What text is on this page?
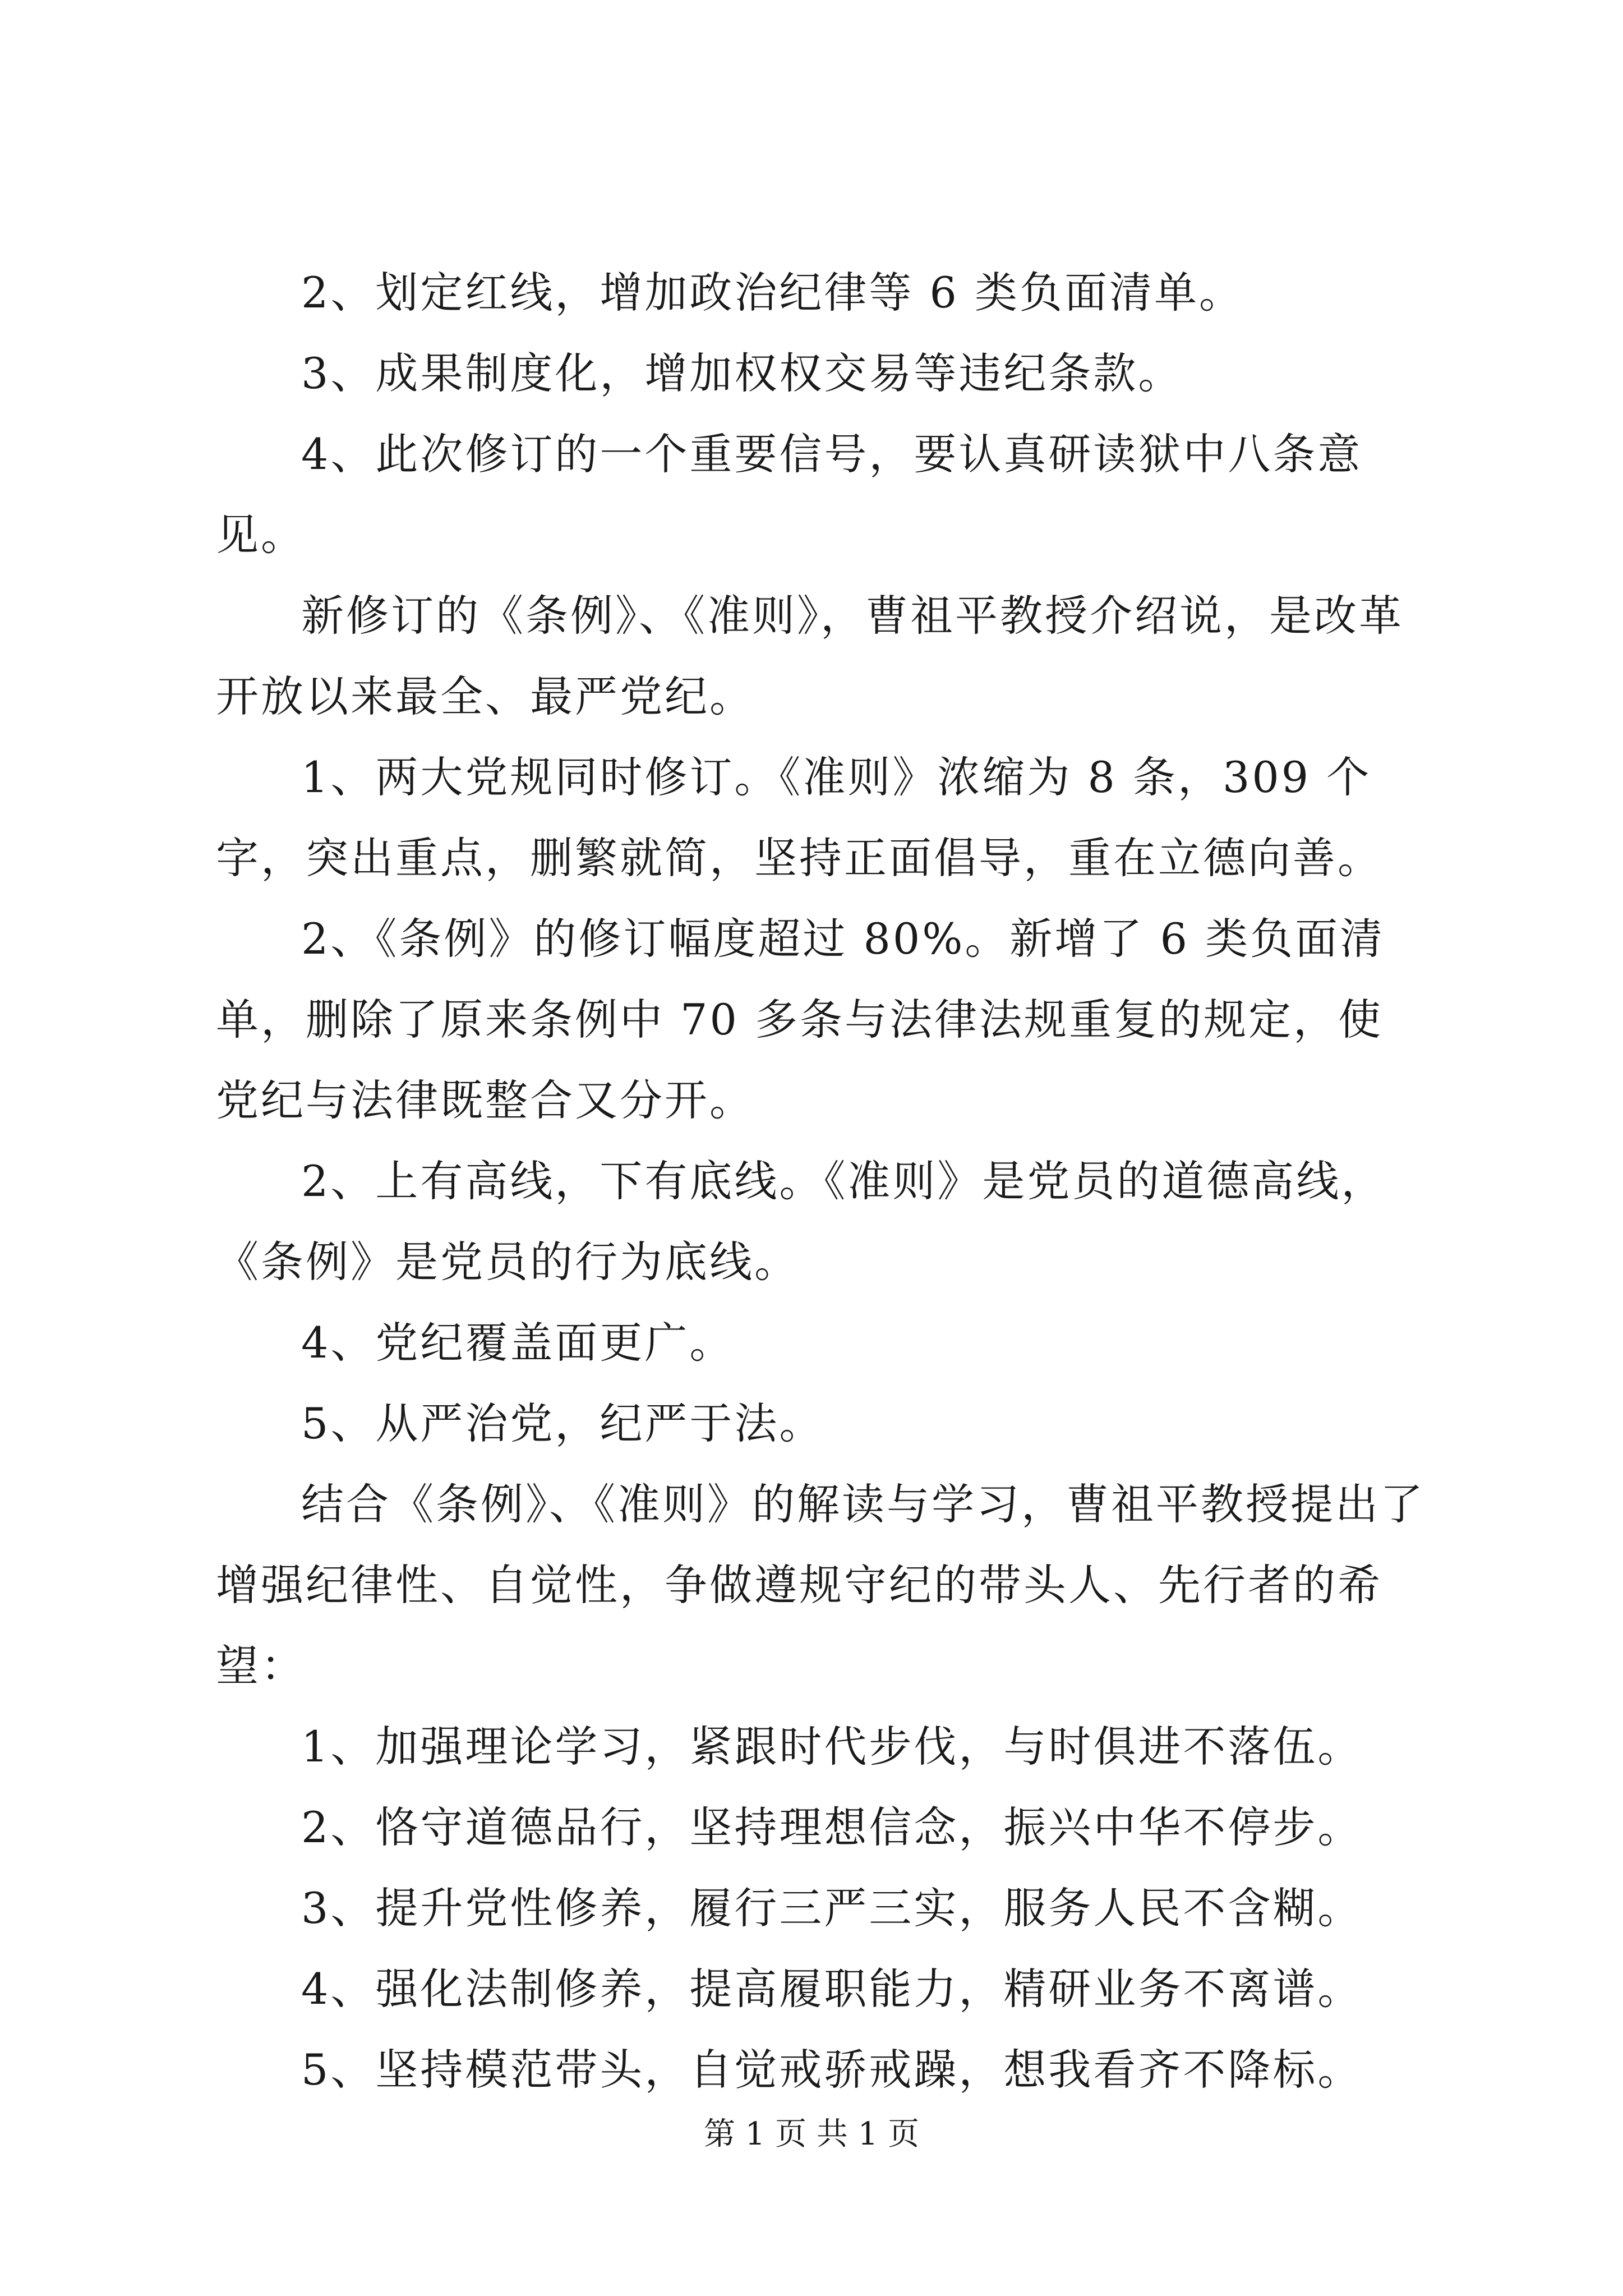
2、划定红线，增加政治纪律等 6 类负面清单。

3、成果制度化，增加权权交易等违纪条款。

4、此次修订的一个重要信号，要认真研读狱中八条意见。

新修订的《条例》、《准则》，曹祖平教授介绍说，是改革开放以来最全、最严党纪。

1、两大党规同时修订。《准则》浓缩为 8 条，309 个字，突出重点，删繁就简，坚持正面倡导，重在立德向善。

2、《条例》的修订幅度超过 80%。新增了 6 类负面清单，删除了原来条例中 70 多条与法律法规重复的规定，使党纪与法律既整合又分开。

2、上有高线，下有底线。《准则》是党员的道德高线，《条例》是党员的行为底线。

4、党纪覆盖面更广。

5、从严治党，纪严于法。

结合《条例》、《准则》的解读与学习，曹祖平教授提出了增强纪律性、自觉性，争做遵规守纪的带头人、先行者的希望：

1、加强理论学习，紧跟时代步伐，与时俱进不落伍。

2、恪守道德品行，坚持理想信念，振兴中华不停步。

3、提升党性修养，履行三严三实，服务人民不含糊。

4、强化法制修养，提高履职能力，精研业务不离谱。

5、坚持模范带头，自觉戒骄戒躁，想我看齐不降标。

第 1 页 共 1 页
